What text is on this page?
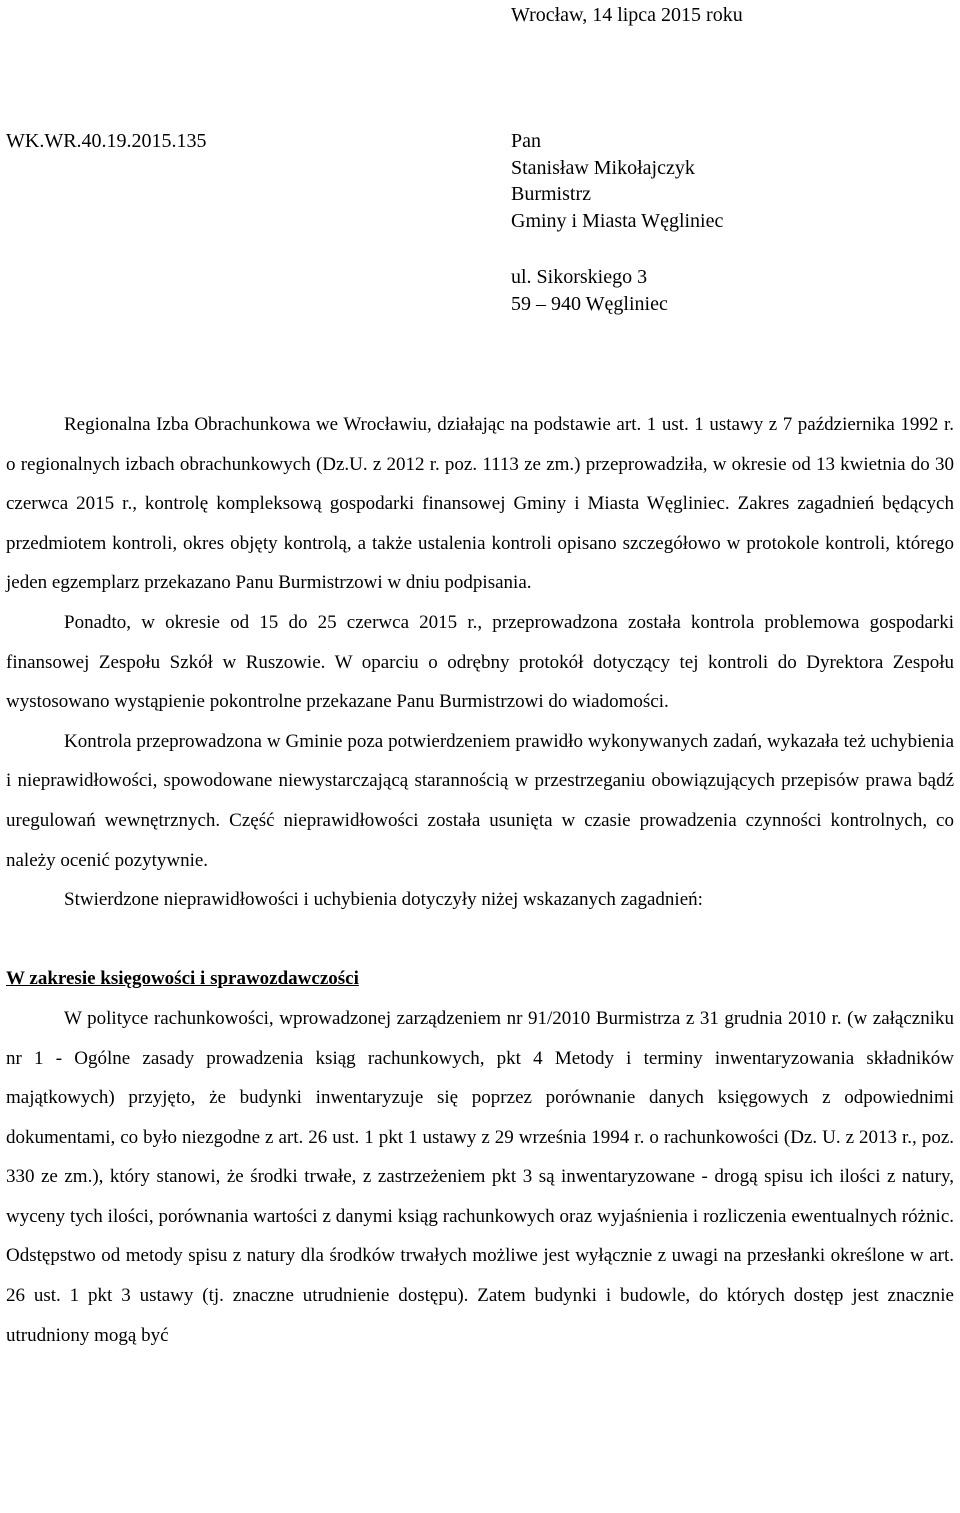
Wrocław, 14 lipca 2015 roku
WK.WR.40.19.2015.135	Pan
Stanisław Mikołajczyk
Burmistrz
Gminy i Miasta Węgliniec
ul. Sikorskiego 3
59 – 940 Węgliniec

Regionalna Izba Obrachunkowa we Wrocławiu, działając na podstawie art. 1 ust. 1 ustawy z 7 października 1992 r. o regionalnych izbach obrachunkowych (Dz.U. z 2012 r. poz. 1113 ze zm.) przeprowadziła, w okresie od 13 kwietnia do 30 czerwca 2015 r., kontrolę kompleksową gospodarki finansowej Gminy i Miasta Węgliniec. Zakres zagadnień będących przedmiotem kontroli, okres objęty kontrolą, a także ustalenia kontroli opisano szczegółowo w protokole kontroli, którego jeden egzemplarz przekazano Panu Burmistrzowi w dniu podpisania.

Ponadto, w okresie od 15 do 25 czerwca 2015 r., przeprowadzona została kontrola problemowa gospodarki finansowej Zespołu Szkół w Ruszowie. W oparciu o odrębny protokół dotyczący tej kontroli do Dyrektora Zespołu wystosowano wystąpienie pokontrolne przekazane Panu Burmistrzowi do wiadomości.

Kontrola przeprowadzona w Gminie poza potwierdzeniem prawidło wykonywanych zadań, wykazała też uchybienia i nieprawidłowości, spowodowane niewystarczającą starannością w przestrzeganiu obowiązujących przepisów prawa bądź uregulowań wewnętrznych. Część nieprawidłowości została usunięta w czasie prowadzenia czynności kontrolnych, co należy ocenić pozytywnie.

Stwierdzone nieprawidłowości i uchybienia dotyczyły niżej wskazanych zagadnień:

W zakresie księgowości i sprawozdawczości

W polityce rachunkowości, wprowadzonej zarządzeniem nr 91/2010 Burmistrza z 31 grudnia 2010 r. (w załączniku nr 1 - Ogólne zasady prowadzenia ksiąg rachunkowych, pkt 4 Metody i terminy inwentaryzowania składników majątkowych) przyjęto, że budynki inwentaryzuje się poprzez porównanie danych księgowych z odpowiednimi dokumentami, co było niezgodne z art. 26 ust. 1 pkt 1 ustawy z 29 września 1994 r. o rachunkowości (Dz. U. z 2013 r., poz. 330 ze zm.), który stanowi, że środki trwałe, z zastrzeżeniem pkt 3 są inwentaryzowane - drogą spisu ich ilości z natury, wyceny tych ilości, porównania wartości z danymi ksiąg rachunkowych oraz wyjaśnienia i rozliczenia ewentualnych różnic. Odstępstwo od metody spisu z natury dla środków trwałych możliwe jest wyłącznie z uwagi na przesłanki określone w art. 26 ust. 1 pkt 3 ustawy (tj. znaczne utrudnienie dostępu). Zatem budynki i budowle, do których dostęp jest znacznie utrudniony mogą być
